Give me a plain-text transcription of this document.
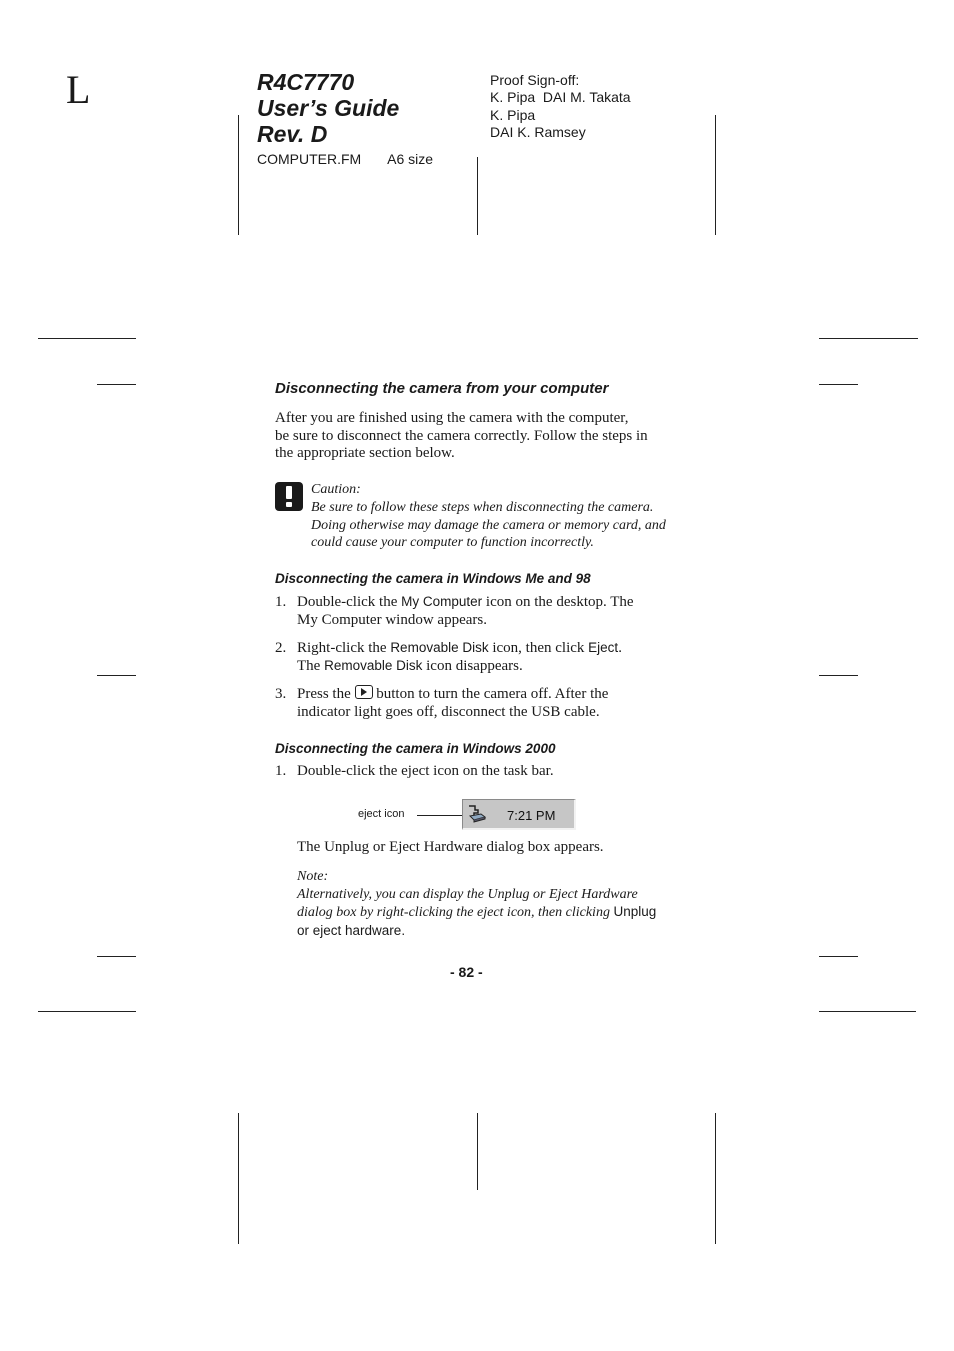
L	R4C7770
User’s Guide
Rev. D
COMPUTER.FM A6 size
Proof Sign-off:
K. Pipa  DAI M. Takata
K. Pipa
DAI K. Ramsey
Disconnecting the camera from your computer
After you are finished using the camera with the computer,
be sure to disconnect the camera correctly. Follow the steps in
the appropriate section below.
Caution:
Be sure to follow these steps when disconnecting the camera.
Doing otherwise may damage the camera or memory card, and
could cause your computer to function incorrectly.
Disconnecting the camera in Windows Me and 98
1. Double-click the My Computer icon on the desktop. The
My Computer window appears.
2. Right-click the Removable Disk icon, then click Eject.
The Removable Disk icon disappears.
3. Press the  button to turn the camera off. After the
indicator light goes off, disconnect the USB cable.
Disconnecting the camera in Windows 2000
1. Double-click the eject icon on the task bar.
eject icon	7:21 PM
The Unplug or Eject Hardware dialog box appears.
Note:
Alternatively, you can display the Unplug or Eject Hardware
dialog box by right-clicking the eject icon, then clicking Unplug
or eject hardware.
- 82 -
